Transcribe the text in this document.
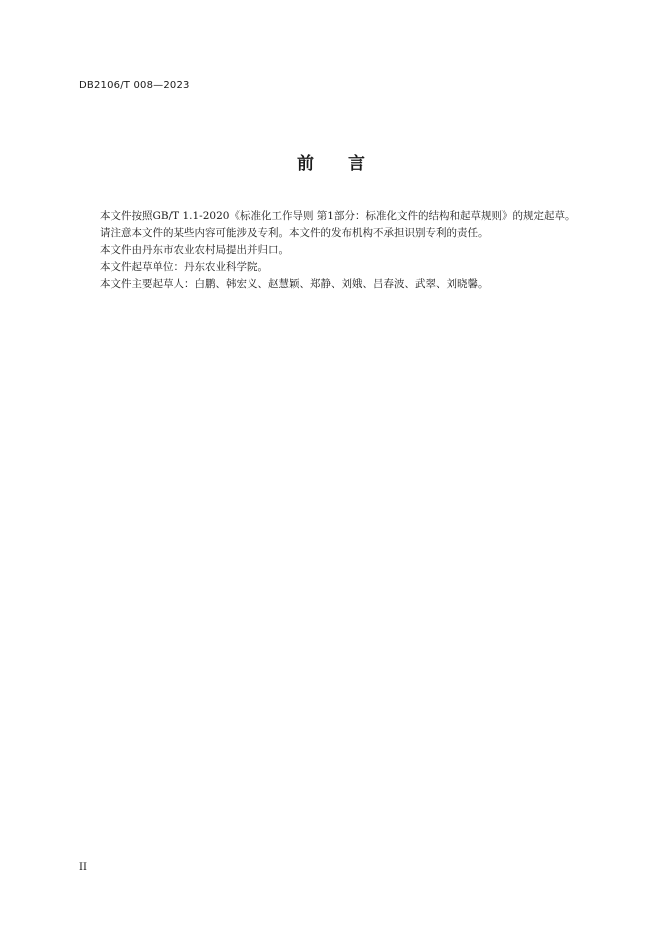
DB2106/T 008—2023
前 言

本文件按照GB/T 1.1-2020《标准化工作导则 第1部分：标准化文件的结构和起草规则》的规定起草。

请注意本文件的某些内容可能涉及专利。本文件的发布机构不承担识别专利的责任。

本文件由丹东市农业农村局提出并归口。

本文件起草单位：丹东农业科学院。

本文件主要起草人：白鹏、韩宏义、赵慧颖、郑静、刘娥、吕春波、武翠、刘晓馨。

II
